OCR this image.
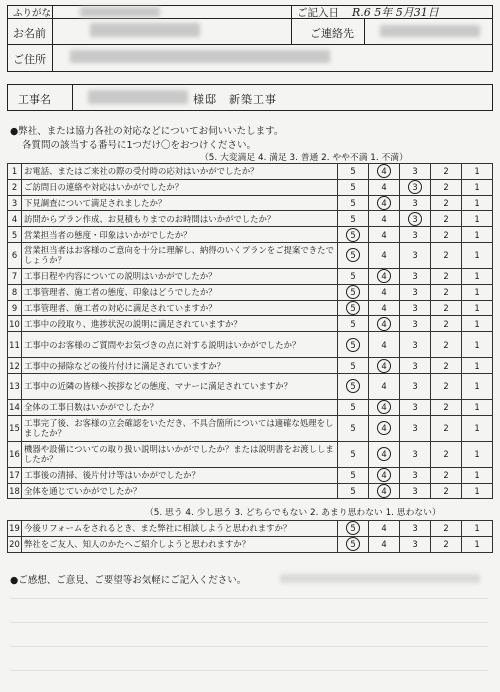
ふりがな
お名前
ご住所
ご記入日 R.6 5年 5月31日
ご連絡先
工事名	様邸　新築工事
●弊社、または協力各社の対応などについてお伺いいたします。
各質問の該当する番号に1つだけ〇をおつけください。
（5. 大変満足 4. 満足 3. 普通 2. やや不満 1. 不満）
1	お電話、またはご来社の際の受付時の応対はいかがでしたか？	5	4	3	2	1
2	ご訪問日の連絡や対応はいかがでしたか？	5	4	3	2	1
3	下見調査について満足されましたか？	5	4	3	2	1
4	訪問からプラン作成、お見積もりまでのお時間はいかがでしたか？	5	4	3	2	1
5	営業担当者の態度・印象はいかがでしたか？	5	4	3	2	1
6	営業担当者はお客様のご意向を十分に理解し、納得のいくプランをご提案できたでしょうか？	5	4	3	2	1
7	工事日程や内容についての説明はいかがでしたか？	5	4	3	2	1
8	工事管理者、施工者の態度、印象はどうでしたか？	5	4	3	2	1
9	工事管理者、施工者の対応に満足されていますか？	5	4	3	2	1
10	工事中の段取り、進捗状況の説明に満足されていますか？	5	4	3	2	1
11	工事中のお客様のご質問やお気づきの点に対する説明はいかがでしたか？	5	4	3	2	1
12	工事中の掃除などの後片付けに満足されていますか？	5	4	3	2	1
13	工事中の近隣の皆様へ挨拶などの態度、マナーに満足されていますか？	5	4	3	2	1
14	全体の工事日数はいかがでしたか？	5	4	3	2	1
15	工事完了後、お客様の立会確認をいただき、不具合箇所については適確な処理をしましたか？	5	4	3	2	1
16	機器や設備についての取り扱い説明はいかがでしたか？または説明書をお渡ししましたか？	5	4	3	2	1
17	工事後の清掃、後片付け等はいかがでしたか？	5	4	3	2	1
18	全体を通じていかがでしたか？	5	4	3	2	1
（5. 思う 4. 少し思う 3. どちらでもない 2. あまり思わない 1. 思わない）
19	今後リフォームをされるとき、また弊社に相談しようと思われますか？	5	4	3	2	1
20	弊社をご友人、知人のかたへご紹介しようと思われますか？	5	4	3	2	1
●ご感想、ご意見、ご要望等お気軽にご記入ください。
